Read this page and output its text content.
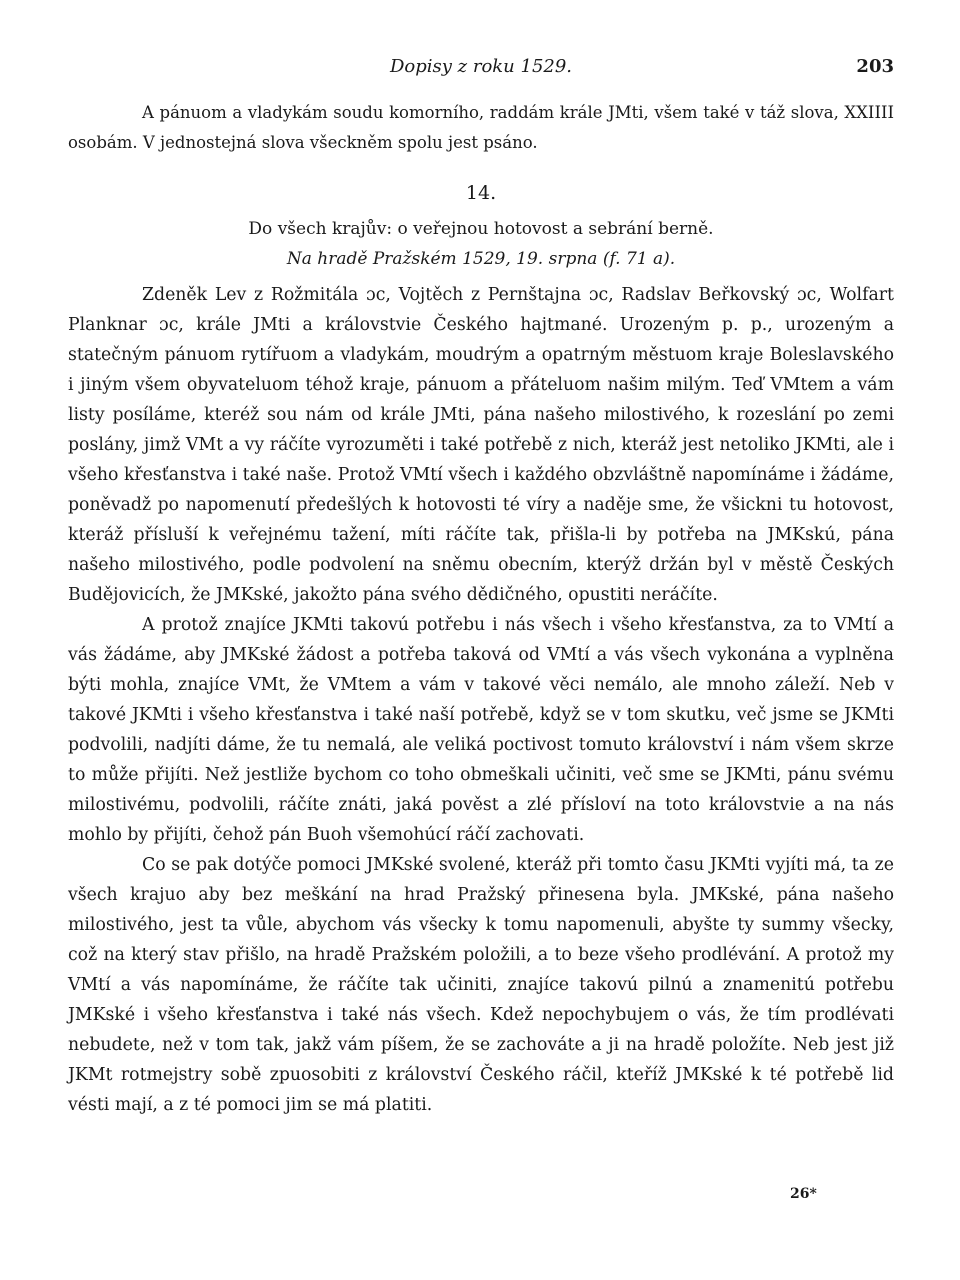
Dopisy z roku 1529.	203

A pánuom a vladykám soudu komorního, raddám krále JMti, všem také v táž slova, XXIIII osobám. V jednostejná slova všeckněm spolu jest psáno.

14.

Do všech krajův: o veřejnou hotovost a sebrání berně.

Na hradě Pražském 1529, 19. srpna (f. 71 a).

Zdeněk Lev z Rožmitála ɔc, Vojtěch z Pernštajna ɔc, Radslav Beřkovský ɔc, Wolfart Planknar ɔc, krále JMti a královstvie Českého hajtmané. Urozeným p. p., urozeným a statečným pánuom rytířuom a vladykám, moudrým a opatrným městuom kraje Boleslavského i jiným všem obyvateluom téhož kraje, pánuom a přáteluom našim milým. Teď VMtem a vám listy posíláme, kteréž sou nám od krále JMti, pána našeho milostivého, k rozeslání po zemi poslány, jimž VMt a vy ráčíte vyrozuměti i také potřebě z nich, kteráž jest netoliko JKMti, ale i všeho křesťanstva i také naše. Protož VMtí všech i každého obzvláštně napomínáme i žádáme, poněvadž po napomenutí předešlých k hotovosti té víry a naděje sme, že všickni tu hotovost, kteráž přísluší k veřejnému tažení, míti ráčíte tak, přišla-li by potřeba na JMKskú, pána našeho milostivého, podle podvolení na sněmu obecním, kterýž držán byl v městě Českých Budějovicích, že JMKské, jakožto pána svého dědičného, opustiti neráčíte.

A protož znajíce JKMti takovú potřebu i nás všech i všeho křesťanstva, za to VMtí a vás žádáme, aby JMKské žádost a potřeba taková od VMtí a vás všech vykonána a vyplněna býti mohla, znajíce VMt, že VMtem a vám v takové věci nemálo, ale mnoho záleží. Neb v takové JKMti i všeho křesťanstva i také naší potřebě, když se v tom skutku, več jsme se JKMti podvolili, nadjíti dáme, že tu nemalá, ale veliká poctivost tomuto království i nám všem skrze to může přijíti. Než jestliže bychom co toho obmeškali učiniti, več sme se JKMti, pánu svému milostivému, podvolili, ráčíte znáti, jaká pověst a zlé přísloví na toto královstvie a na nás mohlo by přijíti, čehož pán Buoh všemohúcí ráčí zachovati.

Co se pak dotýče pomoci JMKské svolené, kteráž při tomto času JKMti vyjíti má, ta ze všech krajuo aby bez meškání na hrad Pražský přinesena byla. JMKské, pána našeho milostivého, jest ta vůle, abychom vás všecky k tomu napomenuli, abyšte ty summy všecky, což na který stav přišlo, na hradě Pražském položili, a to beze všeho prodlévání. A protož my VMtí a vás napomínáme, že ráčíte tak učiniti, znajíce takovú pilnú a znamenitú potřebu JMKské i všeho křesťanstva i také nás všech. Kdež nepochybujem o vás, že tím prodlévati nebudete, než v tom tak, jakž vám píšem, že se zachováte a ji na hradě položíte. Neb jest již JKMt rotmejstry sobě zpuosobiti z království Českého ráčil, kteříž JMKské k té potřebě lid vésti mají, a z té pomoci jim se má platiti.

26*
